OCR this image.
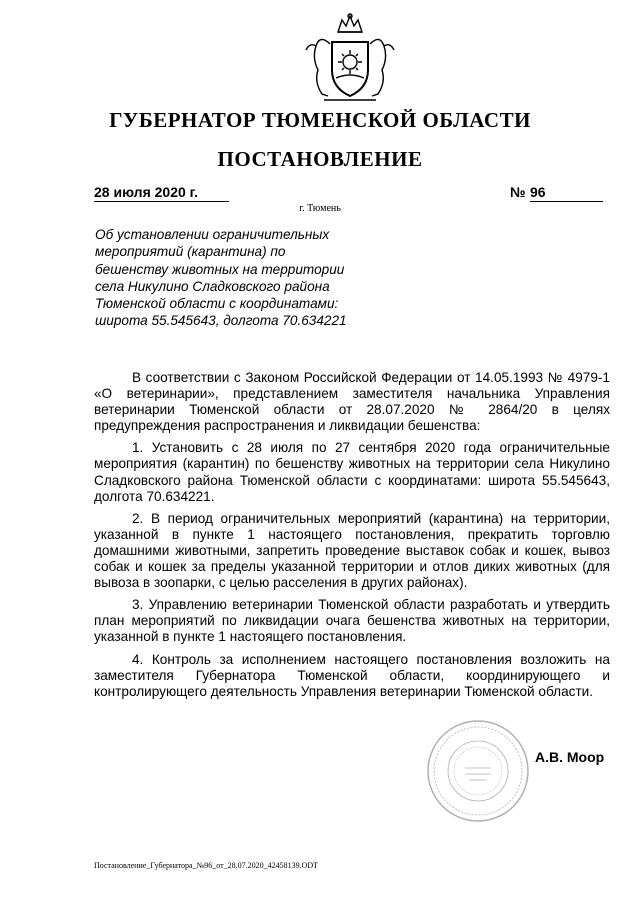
ГУБЕРНАТОР ТЮМЕНСКОЙ ОБЛАСТИ
ПОСТАНОВЛЕНИЕ
28 июля 2020 г.	№ 96
г. Тюмень
Об установлении ограничительных
мероприятий (карантина) по
бешенству животных на территории
села Никулино Сладковского района
Тюменской области с координатами:
широта 55.545643, долгота 70.634221

В соответствии с Законом Российской Федерации от 14.05.1993 № 4979-1 «О ветеринарии», представлением заместителя начальника Управления ветеринарии Тюменской области от 28.07.2020 № 2864/20 в целях предупреждения распространения и ликвидации бешенства:

1. Установить с 28 июля по 27 сентября 2020 года ограничительные мероприятия (карантин) по бешенству животных на территории села Никулино Сладковского района Тюменской области с координатами: широта 55.545643, долгота 70.634221.

2. В период ограничительных мероприятий (карантина) на территории, указанной в пункте 1 настоящего постановления, прекратить торговлю домашними животными, запретить проведение выставок собак и кошек, вывоз собак и кошек за пределы указанной территории и отлов диких животных (для вывоза в зоопарки, с целью расселения в других районах).

3. Управлению ветеринарии Тюменской области разработать и утвердить план мероприятий по ликвидации очага бешенства животных на территории, указанной в пункте 1 настоящего постановления.

4. Контроль за исполнением настоящего постановления возложить на заместителя Губернатора Тюменской области, координирующего и контролирующего деятельность Управления ветеринарии Тюменской области.

А.В. Моор
Постановление_Губернатора_№96_от_28.07.2020_42458139.ODT
